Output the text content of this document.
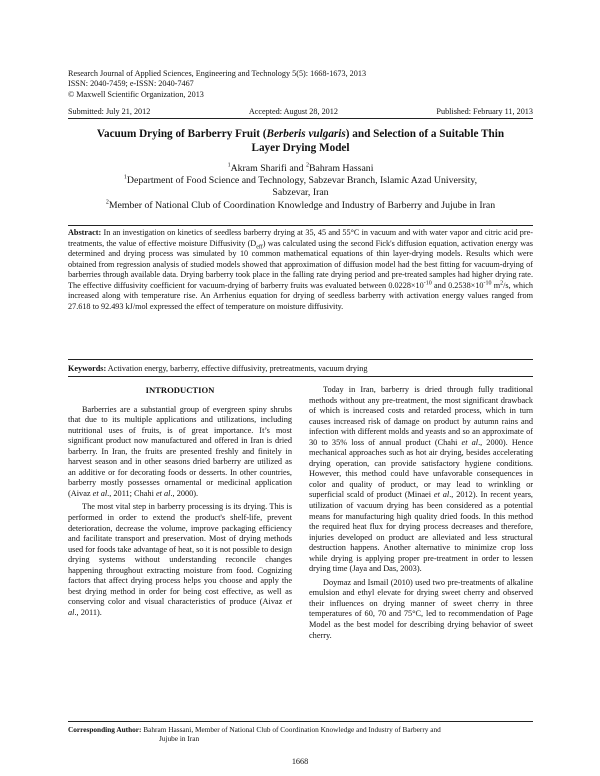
Research Journal of Applied Sciences, Engineering and Technology 5(5): 1668-1673, 2013
ISSN: 2040-7459; e-ISSN: 2040-7467
© Maxwell Scientific Organization, 2013
Submitted: July 21, 2012	Accepted: August 28, 2012	Published: February 11, 2013
Vacuum Drying of Barberry Fruit (Berberis vulgaris) and Selection of a Suitable Thin
Layer Drying Model
$^1$Akram Sharifi and $^2$Bahram Hassani
$^1$Department of Food Science and Technology, Sabzevar Branch, Islamic Azad University,
Sabzevar, Iran
$^2$Member of National Club of Coordination Knowledge and Industry of Barberry and Jujube in Iran
Abstract: In an investigation on kinetics of seedless barberry drying at 35, 45 and 55°C in vacuum and with water vapor and citric acid pre-treatments, the value of effective moisture Diffusivity $(D_{eff})$ was calculated using the second Fick's diffusion equation, activation energy was determined and drying process was simulated by 10 common mathematical equations of thin layer-drying models. Results which were obtained from regression analysis of studied models showed that approximation of diffusion model had the best fitting for vacuum-drying of barberries through available data. Drying barberry took place in the falling rate drying period and pre-treated samples had higher drying rate. The effective diffusivity coefficient for vacuum-drying of barberry fruits was evaluated between $0.0228\times 10^{-10}$ and $0.2538\times 10^{-10}$ $m^2/s$, which increased along with temperature rise. An Arrhenius equation for drying of seedless barberry with activation energy values ranged from 27.618 to 92.493 kJ/mol expressed the effect of temperature on moisture diffusivity.
Keywords: Activation energy, barberry, effective diffusivity, pretreatments, vacuum drying

INTRODUCTION

Barberries are a substantial group of evergreen spiny shrubs that due to its multiple applications and utilizations, including nutritional uses of fruits, is of great importance. It’s most significant product now manufactured and offered in Iran is dried barberry. In Iran, the fruits are presented freshly and finitely in harvest season and in other seasons dried barberry are utilized as an additive or for decorating foods or desserts. In other countries, barberry mostly possesses ornamental or medicinal application (Aivaz et al., 2011; Chahi et al., 2000).

The most vital step in barberry processing is its drying. This is performed in order to extend the product's shelf-life, prevent deterioration, decrease the volume, improve packaging efficiency and facilitate transport and preservation. Most of drying methods used for foods take advantage of heat, so it is not possible to design drying systems without understanding reconcile changes happening throughout extracting moisture from food. Cognizing factors that affect drying process helps you choose and apply the best drying method in order for being cost effective, as well as conserving color and visual characteristics of produce (Aivaz et al., 2011).

Today in Iran, barberry is dried through fully traditional methods without any pre-treatment, the most significant drawback of which is increased costs and retarded process, which in turn causes increased risk of damage on product by autumn rains and infection with different molds and yeasts and so an approximate of 30 to 35% loss of annual product (Chahi et al., 2000). Hence mechanical approaches such as hot air drying, besides accelerating drying operation, can provide satisfactory hygiene conditions. However, this method could have unfavorable consequences in color and quality of product, or may lead to wrinkling or superficial scald of product (Minaei et al., 2012). In recent years, utilization of vacuum drying has been considered as a potential means for manufacturing high quality dried foods. In this method the required heat flux for drying process decreases and therefore, injuries developed on product are alleviated and less structural destruction happens. Another alternative to minimize crop loss while drying is applying proper pre-treatment in order to lessen drying time (Jaya and Das, 2003).

Doymaz and Ismail (2010) used two pre-treatments of alkaline emulsion and ethyl elevate for drying sweet cherry and observed their influences on drying manner of sweet cherry in three temperatures of 60, 70 and 75°C, led to recommendation of Page Model as the best model for describing drying behavior of sweet cherry.

Corresponding Author: Bahram Hassani, Member of National Club of Coordination Knowledge and Industry of Barberry and
Jujube in Iran
1668
